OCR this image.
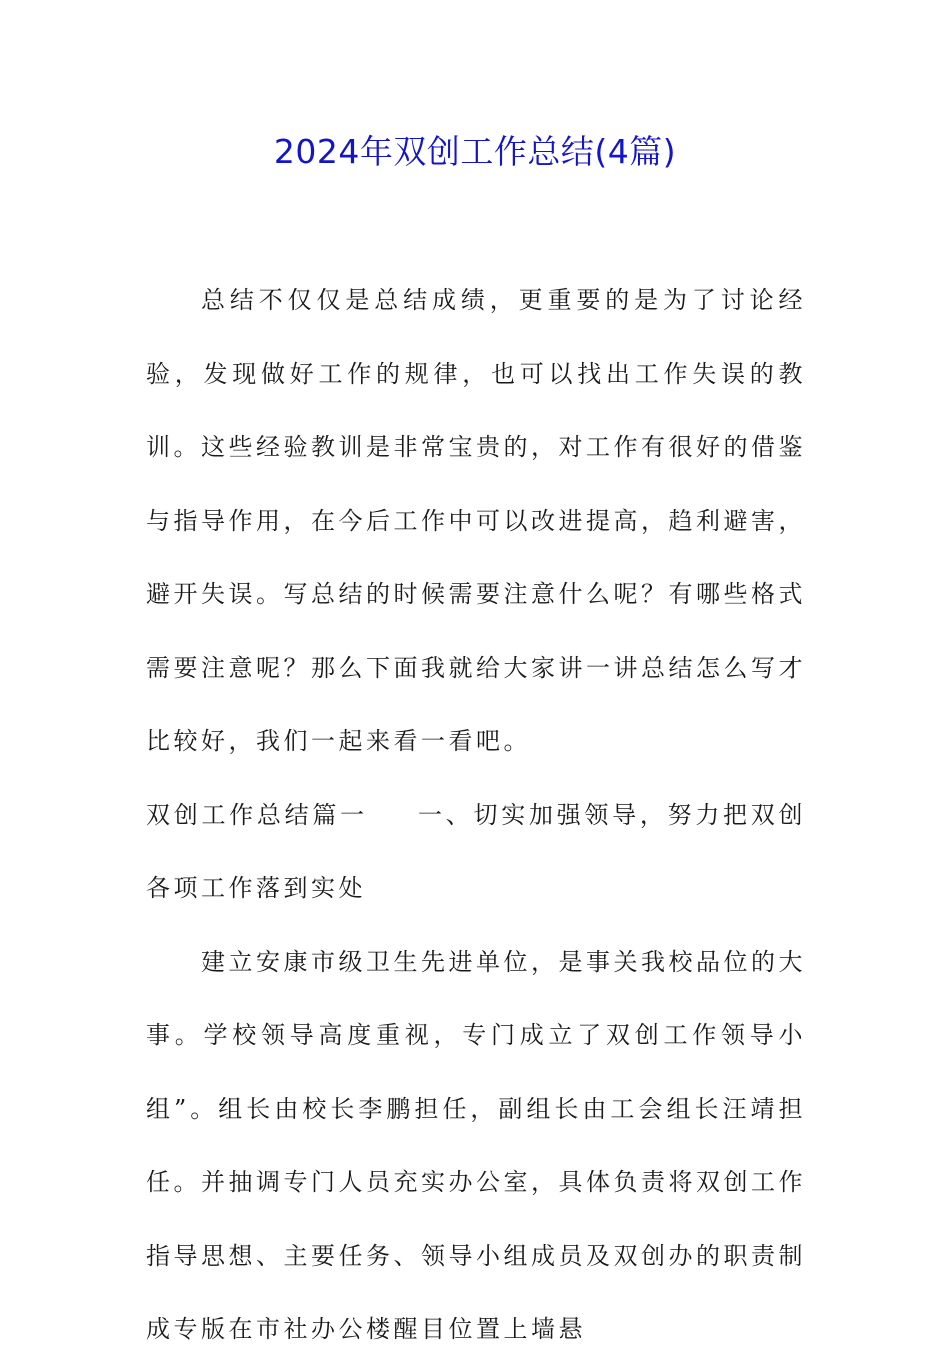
2024年双创工作总结(4篇)

总结不仅仅是总结成绩，更重要的是为了讨论经验，发现做好工作的规律，也可以找出工作失误的教训。这些经验教训是非常宝贵的，对工作有很好的借鉴与指导作用，在今后工作中可以改进提高，趋利避害，避开失误。写总结的时候需要注意什么呢？有哪些格式需要注意呢？那么下面我就给大家讲一讲总结怎么写才比较好，我们一起来看一看吧。

双创工作总结篇一 一、切实加强领导，努力把双创各项工作落到实处

建立安康市级卫生先进单位，是事关我校品位的大事。学校领导高度重视，专门成立了双创工作领导小组”。组长由校长李鹏担任，副组长由工会组长汪靖担任。并抽调专门人员充实办公室，具体负责将双创工作指导思想、主要任务、领导小组成员及双创办的职责制成专版在市社办公楼醒目位置上墙悬
